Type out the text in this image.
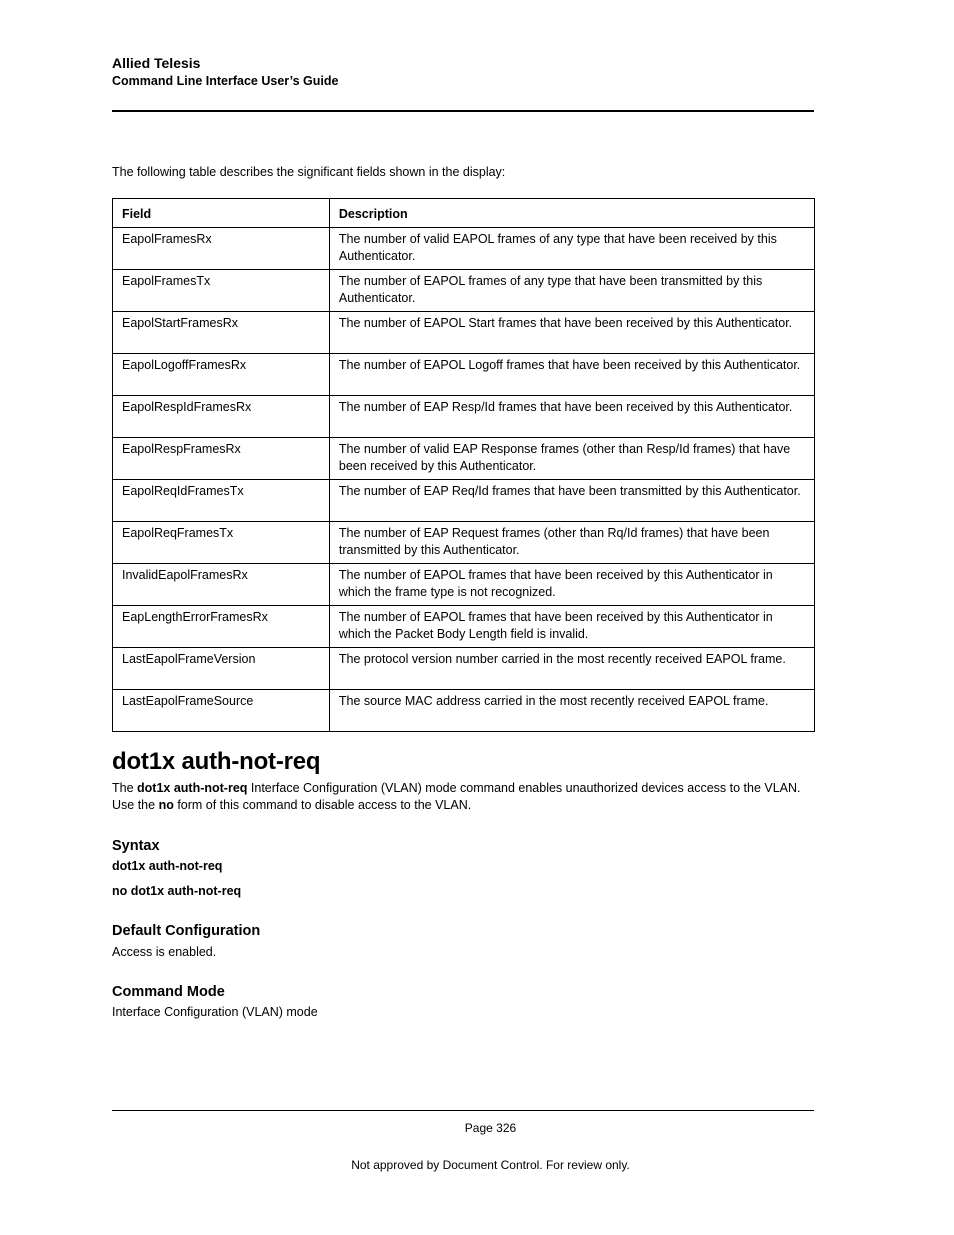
Allied Telesis
Command Line Interface User’s Guide
The following table describes the significant fields shown in the display:
Field	Description
EapolFramesRx	The number of valid EAPOL frames of any type that have been received by this Authenticator.
EapolFramesTx	The number of EAPOL frames of any type that have been transmitted by this Authenticator.
EapolStartFramesRx	The number of EAPOL Start frames that have been received by this Authenticator.
EapolLogoffFramesRx	The number of EAPOL Logoff frames that have been received by this Authenticator.
EapolRespIdFramesRx	The number of EAP Resp/Id frames that have been received by this Authenticator.
EapolRespFramesRx	The number of valid EAP Response frames (other than Resp/Id frames) that have been received by this Authenticator.
EapolReqIdFramesTx	The number of EAP Req/Id frames that have been transmitted by this Authenticator.
EapolReqFramesTx	The number of EAP Request frames (other than Rq/Id frames) that have been transmitted by this Authenticator.
InvalidEapolFramesRx	The number of EAPOL frames that have been received by this Authenticator in which the frame type is not recognized.
EapLengthErrorFramesRx	The number of EAPOL frames that have been received by this Authenticator in which the Packet Body Length field is invalid.
LastEapolFrameVersion	The protocol version number carried in the most recently received EAPOL frame.
LastEapolFrameSource	The source MAC address carried in the most recently received EAPOL frame.
dot1x auth-not-req
The dot1x auth-not-req Interface Configuration (VLAN) mode command enables unauthorized devices access to the VLAN. Use the no form of this command to disable access to the VLAN.
Syntax
dot1x auth-not-req
no dot1x auth-not-req
Default Configuration
Access is enabled.
Command Mode
Interface Configuration (VLAN) mode
Page 326
Not approved by Document Control. For review only.
